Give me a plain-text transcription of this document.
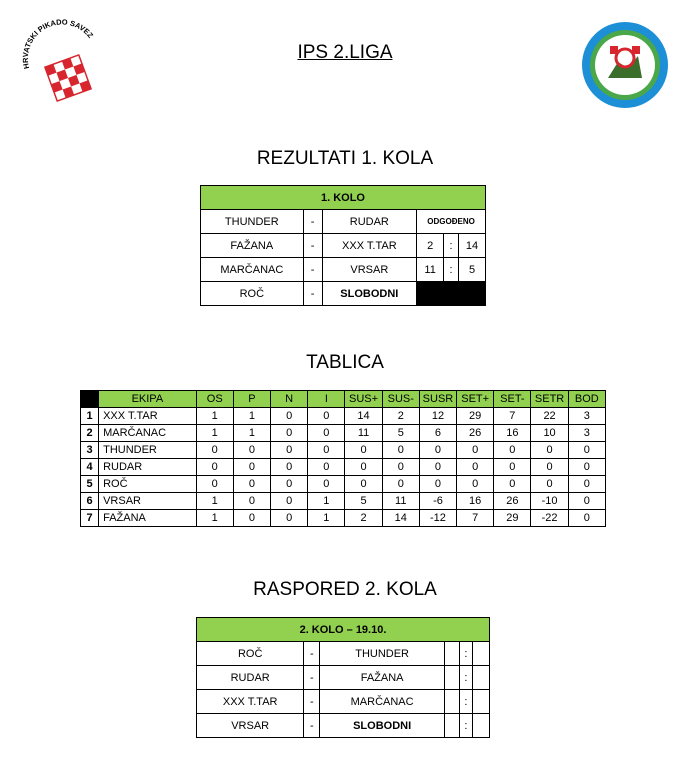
HRVATSKI PIKADO SAVEZ
IPS 2.LIGA
REZULTATI 1. KOLA
1. KOLO					
THUNDER	-	RUDAR	ODGOĐENO		
FAŽANA	-	XXX T.TAR	2	:	14
MARČANAC	-	VRSAR	11	:	5
ROČ	-	SLOBODNI			
TABLICA
	EKIPA	OS	P	N	I	SUS+	SUS-	SUSR	SET+	SET-	SETR	BOD
1	XXX T.TAR	1	1	0	0	14	2	12	29	7	22	3
2	MARČANAC	1	1	0	0	11	5	6	26	16	10	3
3	THUNDER	0	0	0	0	0	0	0	0	0	0	0
4	RUDAR	0	0	0	0	0	0	0	0	0	0	0
5	ROČ	0	0	0	0	0	0	0	0	0	0	0
6	VRSAR	1	0	0	1	5	11	-6	16	26	-10	0
7	FAŽANA	1	0	0	1	2	14	-12	7	29	-22	0
RASPORED 2. KOLA
2. KOLO – 19.10.					
ROČ	-	THUNDER		:	
RUDAR	-	FAŽANA		:	
XXX T.TAR	-	MARČANAC		:	
VRSAR	-	SLOBODNI		:	
